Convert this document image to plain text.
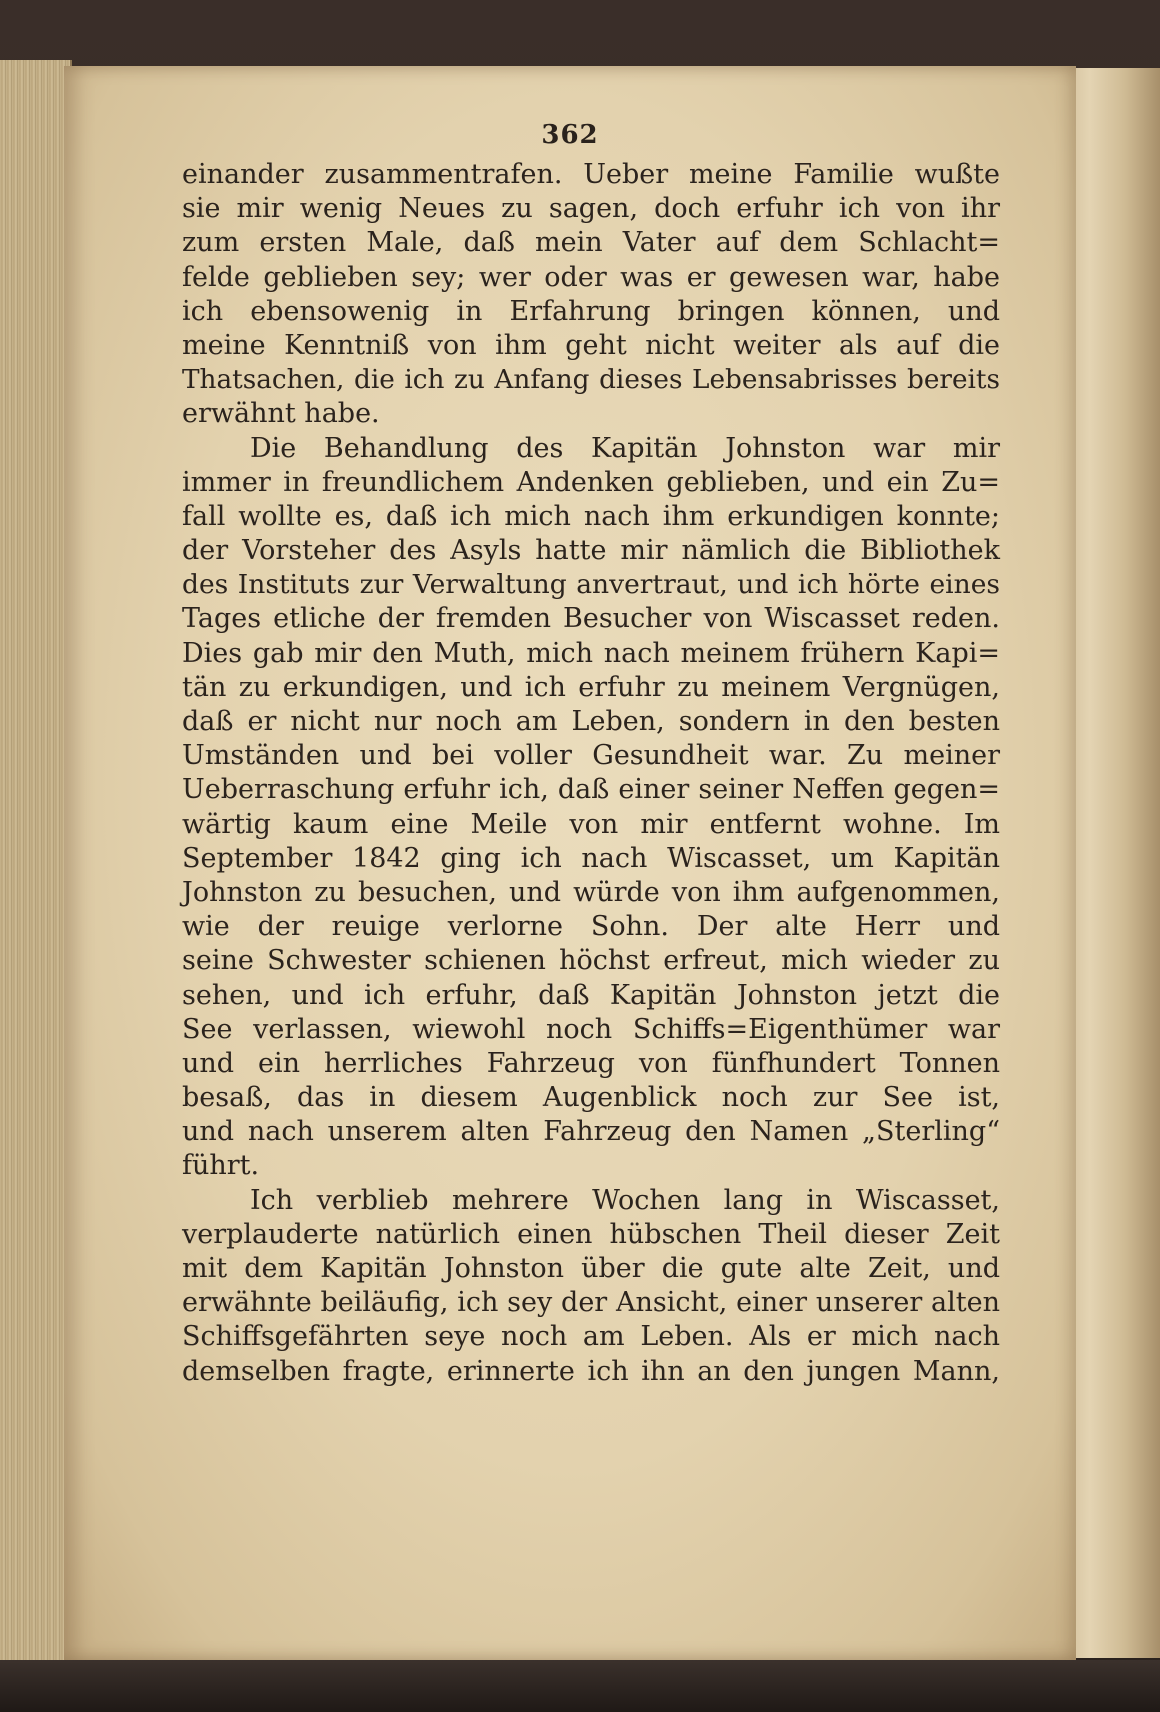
362
einander zusammentrafen. Ueber meine Familie wußte
sie mir wenig Neues zu sagen, doch erfuhr ich von ihr
zum ersten Male, daß mein Vater auf dem Schlacht=
felde geblieben sey; wer oder was er gewesen war, habe
ich ebensowenig in Erfahrung bringen können, und
meine Kenntniß von ihm geht nicht weiter als auf die
Thatsachen, die ich zu Anfang dieses Lebensabrisses bereits
erwähnt habe.
Die Behandlung des Kapitän Johnston war mir
immer in freundlichem Andenken geblieben, und ein Zu=
fall wollte es, daß ich mich nach ihm erkundigen konnte;
der Vorsteher des Asyls hatte mir nämlich die Bibliothek
des Instituts zur Verwaltung anvertraut, und ich hörte eines
Tages etliche der fremden Besucher von Wiscasset reden.
Dies gab mir den Muth, mich nach meinem frühern Kapi=
tän zu erkundigen, und ich erfuhr zu meinem Vergnügen,
daß er nicht nur noch am Leben, sondern in den besten
Umständen und bei voller Gesundheit war. Zu meiner
Ueberraschung erfuhr ich, daß einer seiner Neffen gegen=
wärtig kaum eine Meile von mir entfernt wohne. Im
September 1842 ging ich nach Wiscasset, um Kapitän
Johnston zu besuchen, und würde von ihm aufgenommen,
wie der reuige verlorne Sohn. Der alte Herr und
seine Schwester schienen höchst erfreut, mich wieder zu
sehen, und ich erfuhr, daß Kapitän Johnston jetzt die
See verlassen, wiewohl noch Schiffs=Eigenthümer war
und ein herrliches Fahrzeug von fünfhundert Tonnen
besaß, das in diesem Augenblick noch zur See ist,
und nach unserem alten Fahrzeug den Namen „Sterling“
führt.
Ich verblieb mehrere Wochen lang in Wiscasset,
verplauderte natürlich einen hübschen Theil dieser Zeit
mit dem Kapitän Johnston über die gute alte Zeit, und
erwähnte beiläufig, ich sey der Ansicht, einer unserer alten
Schiffsgefährten seye noch am Leben. Als er mich nach
demselben fragte, erinnerte ich ihn an den jungen Mann,
